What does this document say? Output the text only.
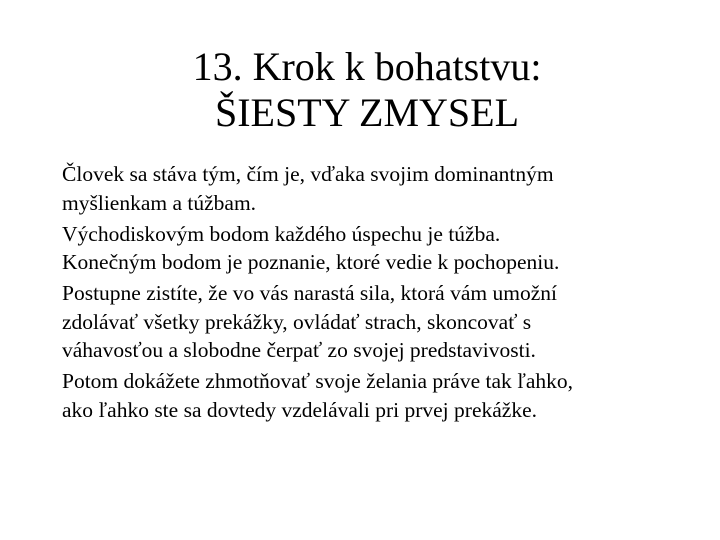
13. Krok k bohatstvu:
ŠIESTY ZMYSEL
Človek sa stáva tým, čím je, vďaka svojim dominantným
myšlienkam a túžbam.
Východiskovým bodom každého úspechu je túžba.
Konečným bodom je poznanie, ktoré vedie k pochopeniu.
Postupne zistíte, že vo vás narastá sila, ktorá vám umožní
zdolávať všetky prekážky, ovládať strach, skoncovať s
váhavosťou a slobodne čerpať zo svojej predstavivosti.
Potom dokážete zhmotňovať svoje želania práve tak ľahko,
ako ľahko ste sa dovtedy vzdelávali pri prvej prekážke.
